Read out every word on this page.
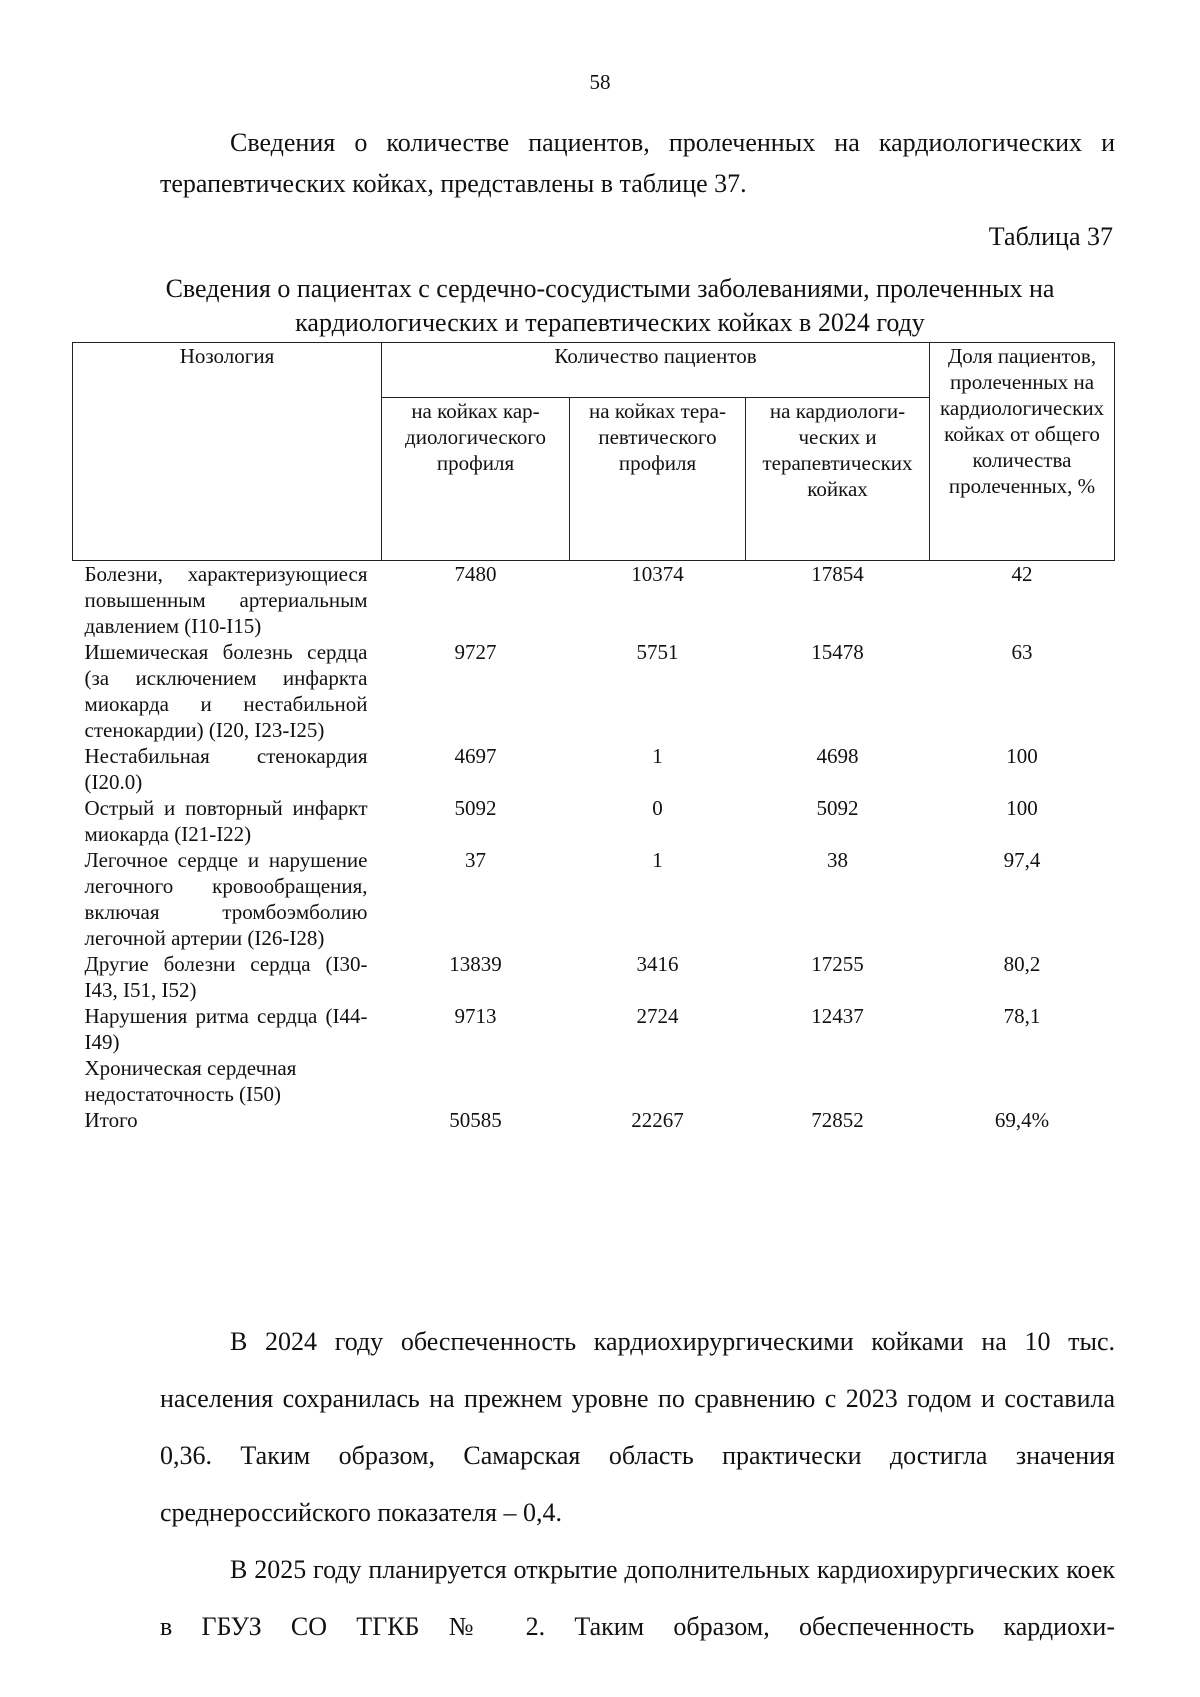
58

Сведения о количестве пациентов, пролеченных на кардиологических и терапевтических койках, представлены в таблице 37.

Таблица 37
Сведения о пациентах с сердечно-сосудистыми заболеваниями, пролеченных на кардиологических и терапевтических койках в 2024 году
Нозология	Количество пациентов			Доля пациентов, пролеченных на кардиологических койках от общего количества пролеченных, %
	на койках кардиологического профиля	на койках терапевтического профиля	на кардиологических и терапевтических койках	
Болезни, характеризующиеся повышенным артериальным давлением (I10-I15)	7480	10374	17854	42
Ишемическая болезнь сердца (за исключением инфаркта миокарда и нестабильной стенокардии) (I20, I23-I25)	9727	5751	15478	63
Нестабильная стенокардия (I20.0)	4697	1	4698	100
Острый и повторный инфаркт миокарда (I21-I22)	5092	0	5092	100
Легочное сердце и нарушение легочного кровообращения, включая тромбоэмболию легочной артерии (I26-I28)	37	1	38	97,4
Другие болезни сердца (I30-I43, I51, I52)	13839	3416	17255	80,2
Нарушения ритма сердца (I44-I49)	9713	2724	12437	78,1
Хроническая сердечная недостаточность (I50)				
Итого	50585	22267	72852	69,4%

В 2024 году обеспеченность кардиохирургическими койками на 10 тыс. населения сохранилась на прежнем уровне по сравнению с 2023 годом и составила 0,36. Таким образом, Самарская область практически достигла значения среднероссийского показателя – 0,4.

В 2025 году планируется открытие дополнительных кардиохирургических коек в ГБУЗ СО ТГКБ № 2. Таким образом, обеспеченность кардиохи-
